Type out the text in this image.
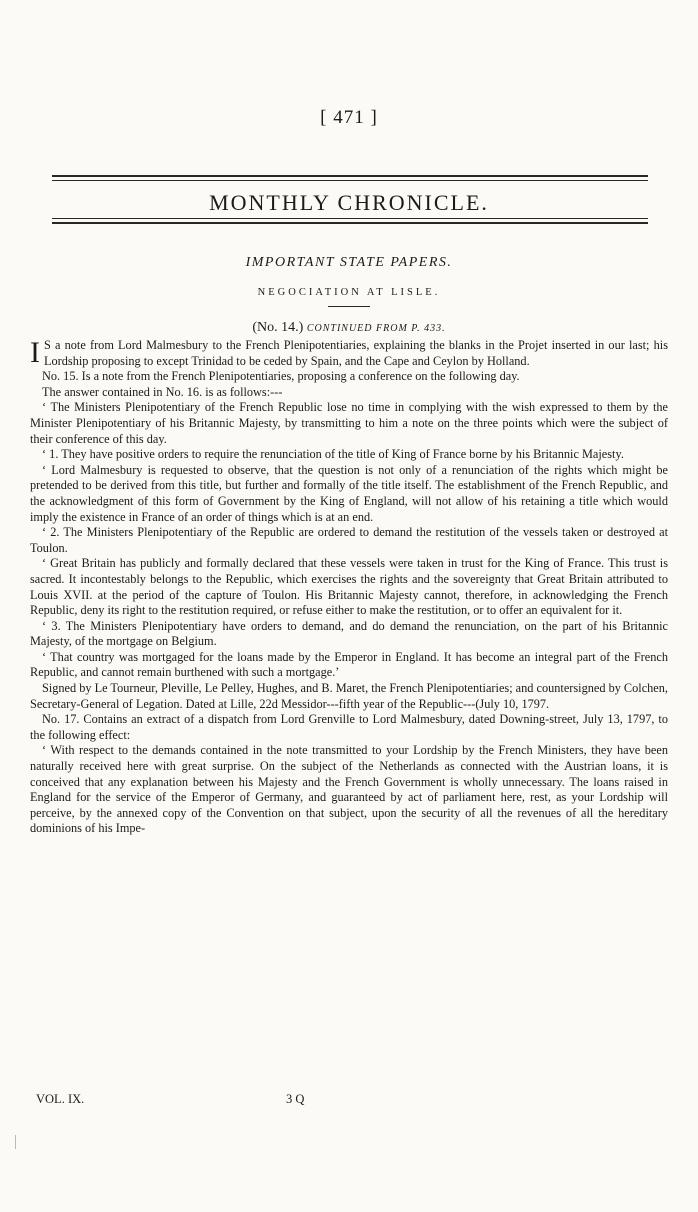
[ 471 ]
MONTHLY CHRONICLE.
IMPORTANT STATE PAPERS.
NEGOCIATION AT LISLE.
(No. 14.) CONTINUED FROM P. 433.

I S a note from Lord Malmesbury to the French Plenipotentiaries, explaining the blanks in the Projet inserted in our last; his Lordship proposing to except Trinidad to be ceded by Spain, and the Cape and Ceylon by Holland.

No. 15. Is a note from the French Plenipotentiaries, proposing a conference on the following day.

The answer contained in No. 16. is as follows:---

‘ The Ministers Plenipotentiary of the French Republic lose no time in complying with the wish expressed to them by the Minister Plenipotentiary of his Britannic Majesty, by transmitting to him a note on the three points which were the subject of their conference of this day.

‘ 1. They have positive orders to require the renunciation of the title of King of France borne by his Britannic Majesty.

‘ Lord Malmesbury is requested to observe, that the question is not only of a renunciation of the rights which might be pretended to be derived from this title, but further and formally of the title itself. The establishment of the French Republic, and the acknowledgment of this form of Government by the King of England, will not allow of his retaining a title which would imply the existence in France of an order of things which is at an end.

‘ 2. The Ministers Plenipotentiary of the Republic are ordered to demand the restitution of the vessels taken or destroyed at Toulon.

‘ Great Britain has publicly and formally declared that these vessels were taken in trust for the King of France. This trust is sacred. It incontestably belongs to the Republic, which exercises the rights and the sovereignty that Great Britain attributed to Louis XVII. at the period of the capture of Toulon. His Britannic Majesty cannot, therefore, in acknowledging the French Republic, deny its right to the restitution required, or refuse either to make the restitution, or to offer an equivalent for it.

‘ 3. The Ministers Plenipotentiary have orders to demand, and do demand the renunciation, on the part of his Britannic Majesty, of the mortgage on Belgium.

‘ That country was mortgaged for the loans made by the Emperor in England. It has become an integral part of the French Republic, and cannot remain burthened with such a mortgage.’

Signed by Le Tourneur, Pleville, Le Pelley, Hughes, and B. Maret, the French Plenipotentiaries; and countersigned by Colchen, Secretary-General of Legation. Dated at Lille, 22d Messidor---fifth year of the Republic---(July 10, 1797.

No. 17. Contains an extract of a dispatch from Lord Grenville to Lord Malmesbury, dated Downing-street, July 13, 1797, to the following effect:

‘ With respect to the demands contained in the note transmitted to your Lordship by the French Ministers, they have been naturally received here with great surprise. On the subject of the Netherlands as connected with the Austrian loans, it is conceived that any explanation between his Majesty and the French Government is wholly unnecessary. The loans raised in England for the service of the Emperor of Germany, and guaranteed by act of parliament here, rest, as your Lordship will perceive, by the annexed copy of the Convention on that subject, upon the security of all the revenues of all the hereditary dominions of his Impe-

VOL. IX.	3 Q
